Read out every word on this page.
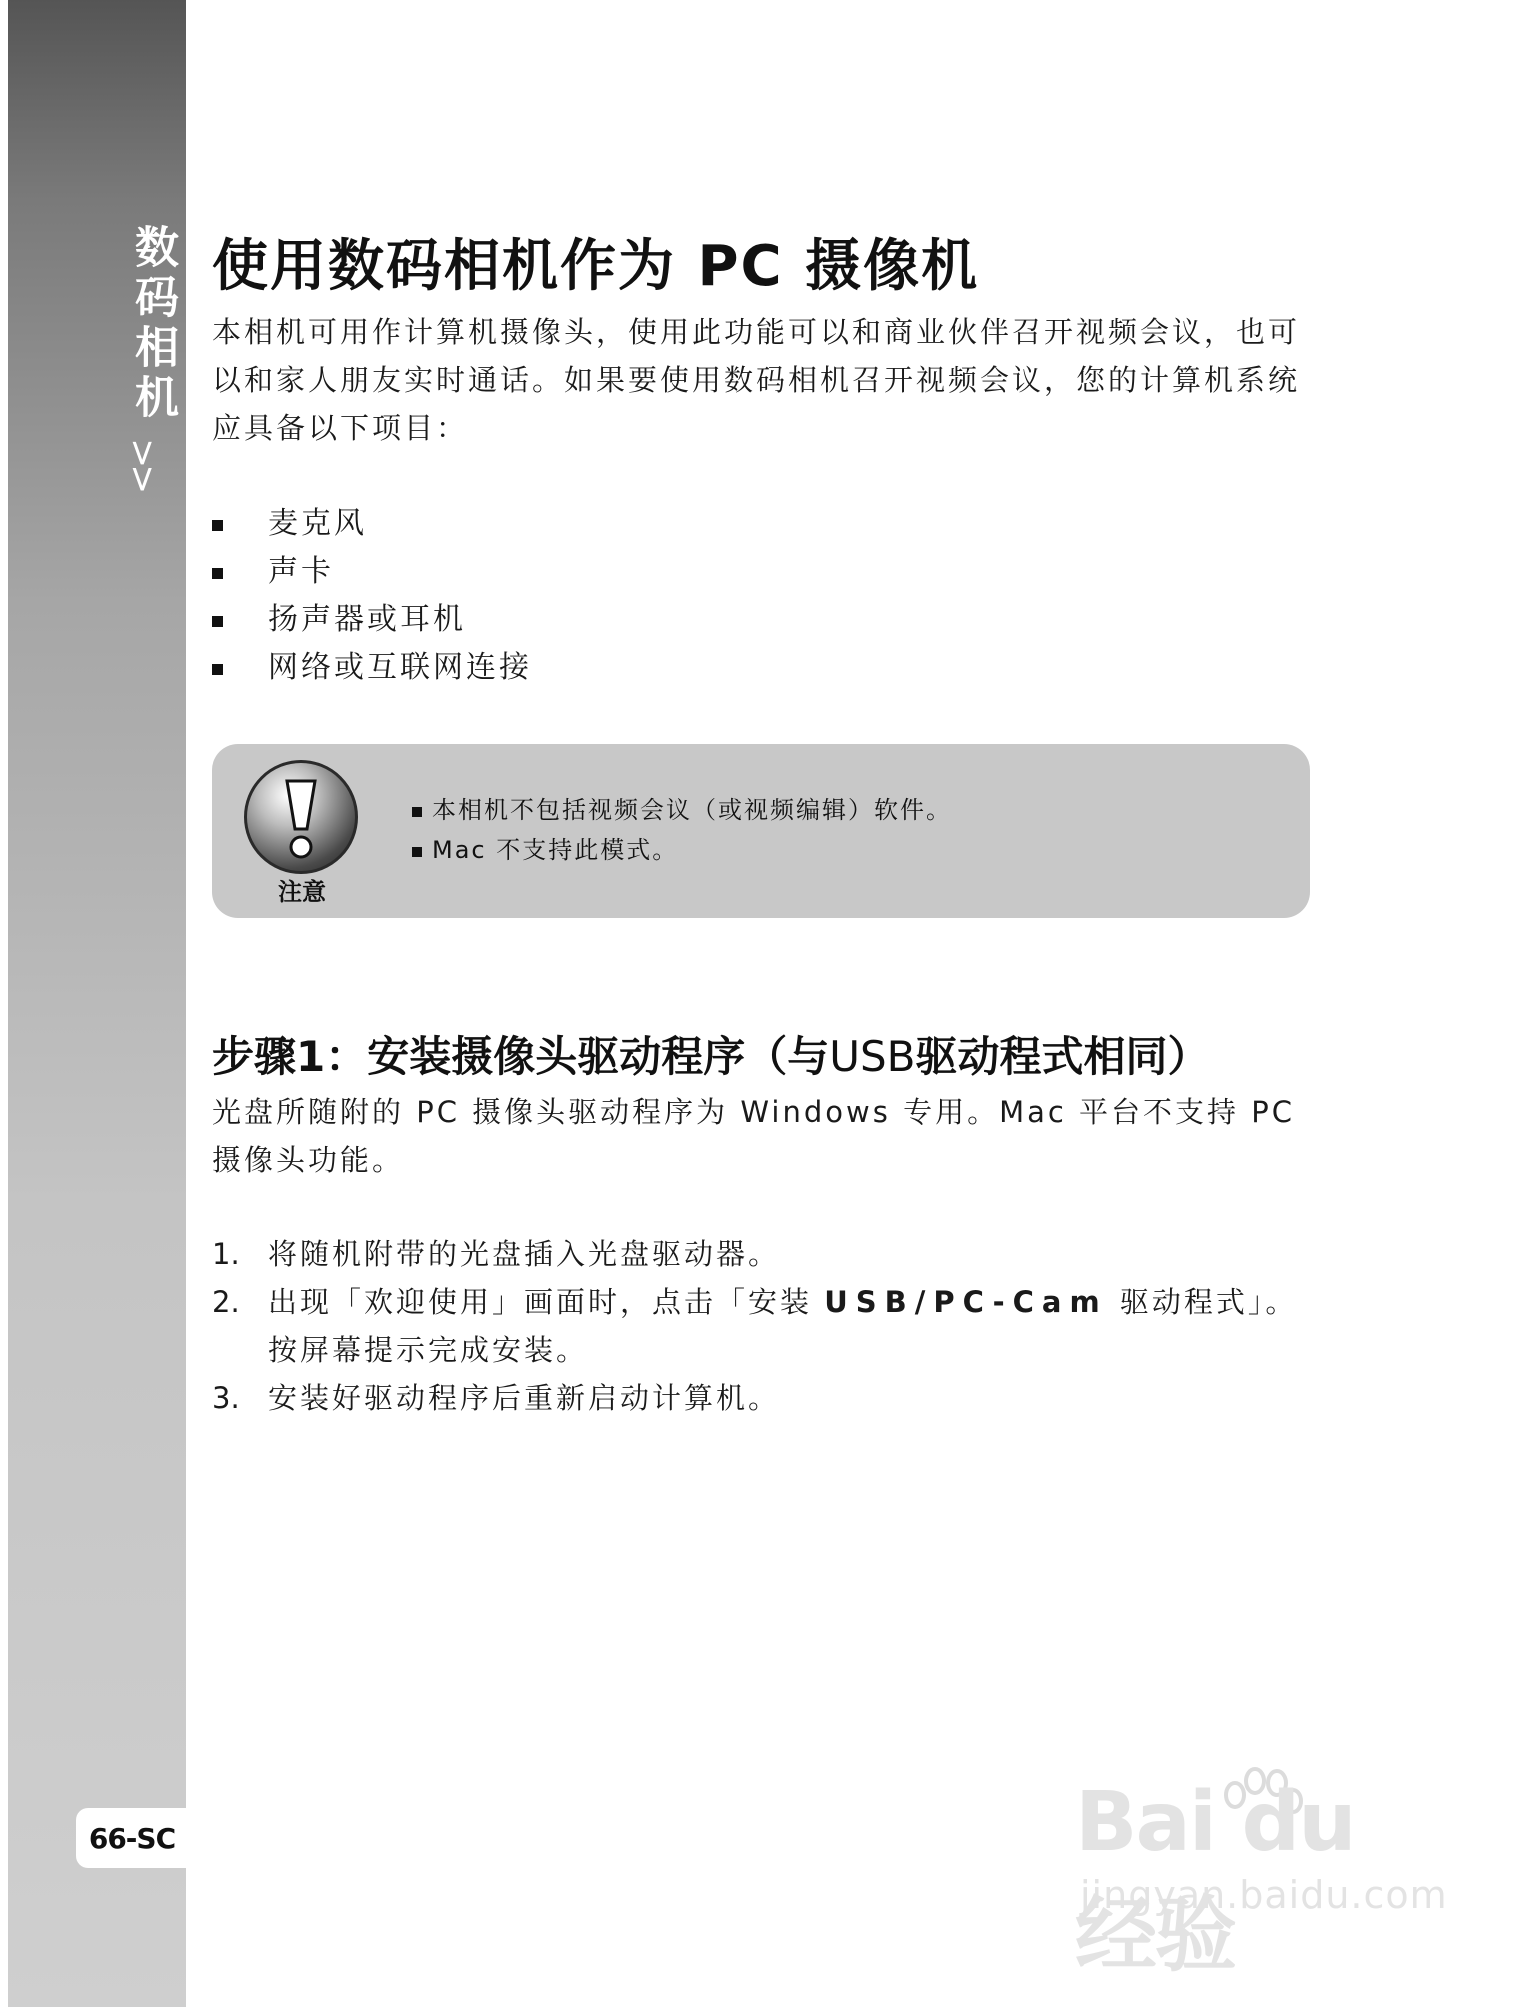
数码相机
>>
66-SC
使用数码相机作为 PC 摄像机

本相机可用作计算机摄像头，使用此功能可以和商业伙伴召开视频会议，也可以和家人朋友实时通话。如果要使用数码相机召开视频会议，您的计算机系统应具备以下项目：

麦克风
声卡
扬声器或耳机
网络或互联网连接
注意
本相机不包括视频会议（或视频编辑）软件。
Mac 不支持此模式。
步骤1：安装摄像头驱动程序（与USB驱动程式相同）

光盘所随附的 PC 摄像头驱动程序为 Windows 专用。Mac 平台不支持 PC 摄像头功能。

1. 将随机附带的光盘插入光盘驱动器。
2. 出现「欢迎使用」画面时，点击「安装 USB/PC-Cam 驱动程式」。按屏幕提示完成安装。
3. 安装好驱动程序后重新启动计算机。
Bai du 经验
jingyan.baidu.com
